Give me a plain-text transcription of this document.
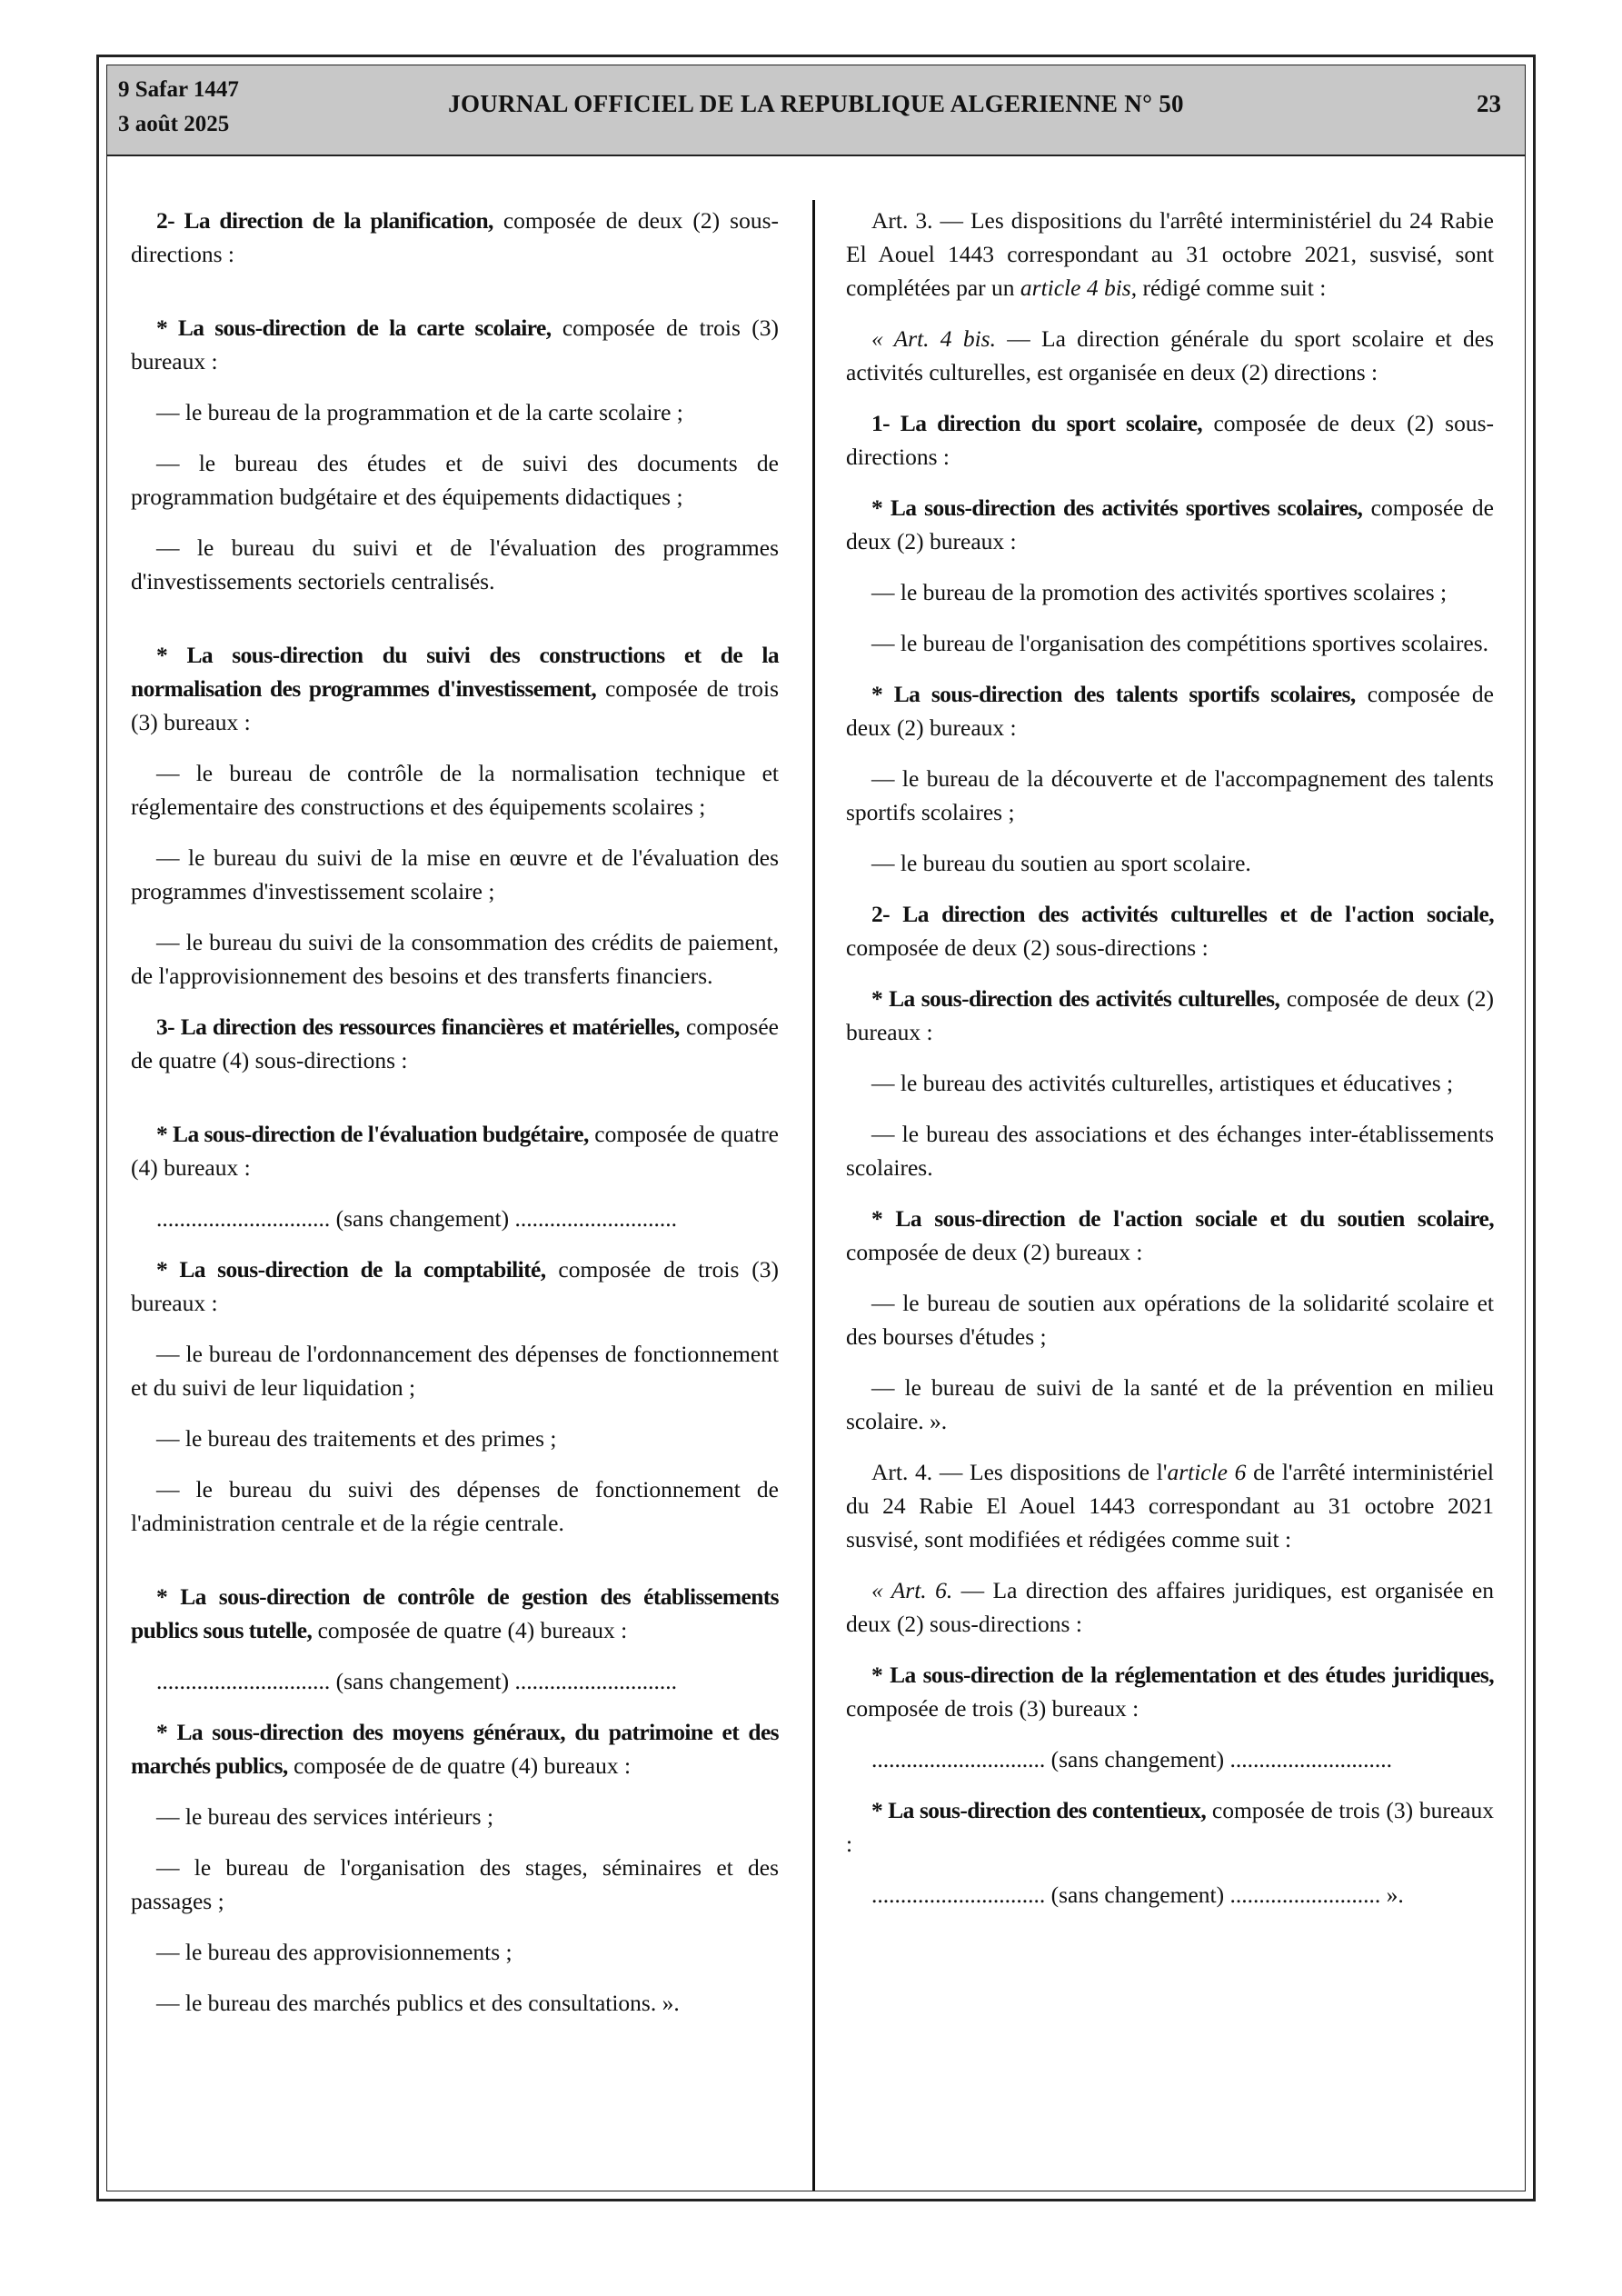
9 Safar 1447
3 août 2025
JOURNAL OFFICIEL DE LA REPUBLIQUE ALGERIENNE N° 50	23

2- La direction de la planification, composée de deux (2) sous-directions :

* La sous-direction de la carte scolaire, composée de trois (3) bureaux :

— le bureau de la programmation et de la carte scolaire ;

— le bureau des études et de suivi des documents de programmation budgétaire et des équipements didactiques ;

— le bureau du suivi et de l'évaluation des programmes d'investissements sectoriels centralisés.

* La sous-direction du suivi des constructions et de la normalisation des programmes d'investissement, composée de trois (3) bureaux :

— le bureau de contrôle de la normalisation technique et réglementaire des constructions et des équipements scolaires ;

— le bureau du suivi de la mise en œuvre et de l'évaluation des programmes d'investissement scolaire ;

— le bureau du suivi de la consommation des crédits de paiement, de l'approvisionnement des besoins et des transferts financiers.

3- La direction des ressources financières et matérielles, composée de quatre (4) sous-directions :

* La sous-direction de l'évaluation budgétaire, composée de quatre (4) bureaux :

.............................. (sans changement) ............................

* La sous-direction de la comptabilité, composée de trois (3) bureaux :

— le bureau de l'ordonnancement des dépenses de fonctionnement et du suivi de leur liquidation ;

— le bureau des traitements et des primes ;

— le bureau du suivi des dépenses de fonctionnement de l'administration centrale et de la régie centrale.

* La sous-direction de contrôle de gestion des établissements publics sous tutelle, composée de quatre (4) bureaux :

.............................. (sans changement) ............................

* La sous-direction des moyens généraux, du patrimoine et des marchés publics, composée de de quatre (4) bureaux :

— le bureau des services intérieurs ;

— le bureau de l'organisation des stages, séminaires et des passages ;

— le bureau des approvisionnements ;

— le bureau des marchés publics et des consultations. ».

Art. 3. — Les dispositions du l'arrêté interministériel du 24 Rabie El Aouel 1443 correspondant au 31 octobre 2021, susvisé, sont complétées par un article 4 bis, rédigé comme suit :

« Art. 4 bis. — La direction générale du sport scolaire et des activités culturelles, est organisée en deux (2) directions :

1- La direction du sport scolaire, composée de deux (2) sous-directions :

* La sous-direction des activités sportives scolaires, composée de deux (2) bureaux :

— le bureau de la promotion des activités sportives scolaires ;

— le bureau de l'organisation des compétitions sportives scolaires.

* La sous-direction des talents sportifs scolaires, composée de deux (2) bureaux :

— le bureau de la découverte et de l'accompagnement des talents sportifs scolaires ;

— le bureau du soutien au sport scolaire.

2- La direction des activités culturelles et de l'action sociale, composée de deux (2) sous-directions :

* La sous-direction des activités culturelles, composée de deux (2) bureaux :

— le bureau des activités culturelles, artistiques et éducatives ;

— le bureau des associations et des échanges inter-établissements scolaires.

* La sous-direction de l'action sociale et du soutien scolaire, composée de deux (2) bureaux :

— le bureau de soutien aux opérations de la solidarité scolaire et des bourses d'études ;

— le bureau de suivi de la santé et de la prévention en milieu scolaire. ».

Art. 4. — Les dispositions de l'article 6 de l'arrêté interministériel du 24 Rabie El Aouel 1443 correspondant au 31 octobre 2021 susvisé, sont modifiées et rédigées comme suit :

« Art. 6. — La direction des affaires juridiques, est organisée en deux (2) sous-directions :

* La sous-direction de la réglementation et des études juridiques, composée de trois (3) bureaux :

.............................. (sans changement) ............................

* La sous-direction des contentieux, composée de trois (3) bureaux :

.............................. (sans changement) .......................... ».
